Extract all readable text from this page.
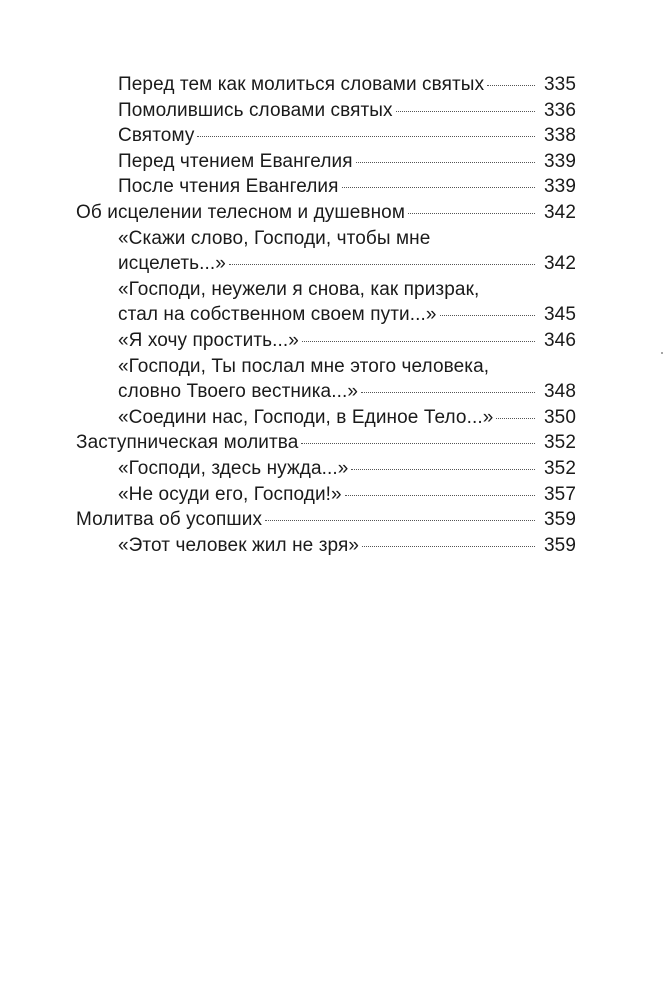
Перед тем как молиться словами святых	335
Помолившись словами святых	336
Святому	338
Перед чтением Евангелия	339
После чтения Евангелия	339
Об исцелении телесном и душевном	342
«Скажи слово, Господи, чтобы мне
исцелеть...»	342
«Господи, неужели я снова, как призрак,
стал на собственном своем пути...»	345
«Я хочу простить...»	346
«Господи, Ты послал мне этого человека,
словно Твоего вестника...»	348
«Соедини нас, Господи, в Единое Тело...»	350
Заступническая молитва	352
«Господи, здесь нужда...»	352
«Не осуди его, Господи!»	357
Молитва об усопших	359
«Этот человек жил не зря»	359
